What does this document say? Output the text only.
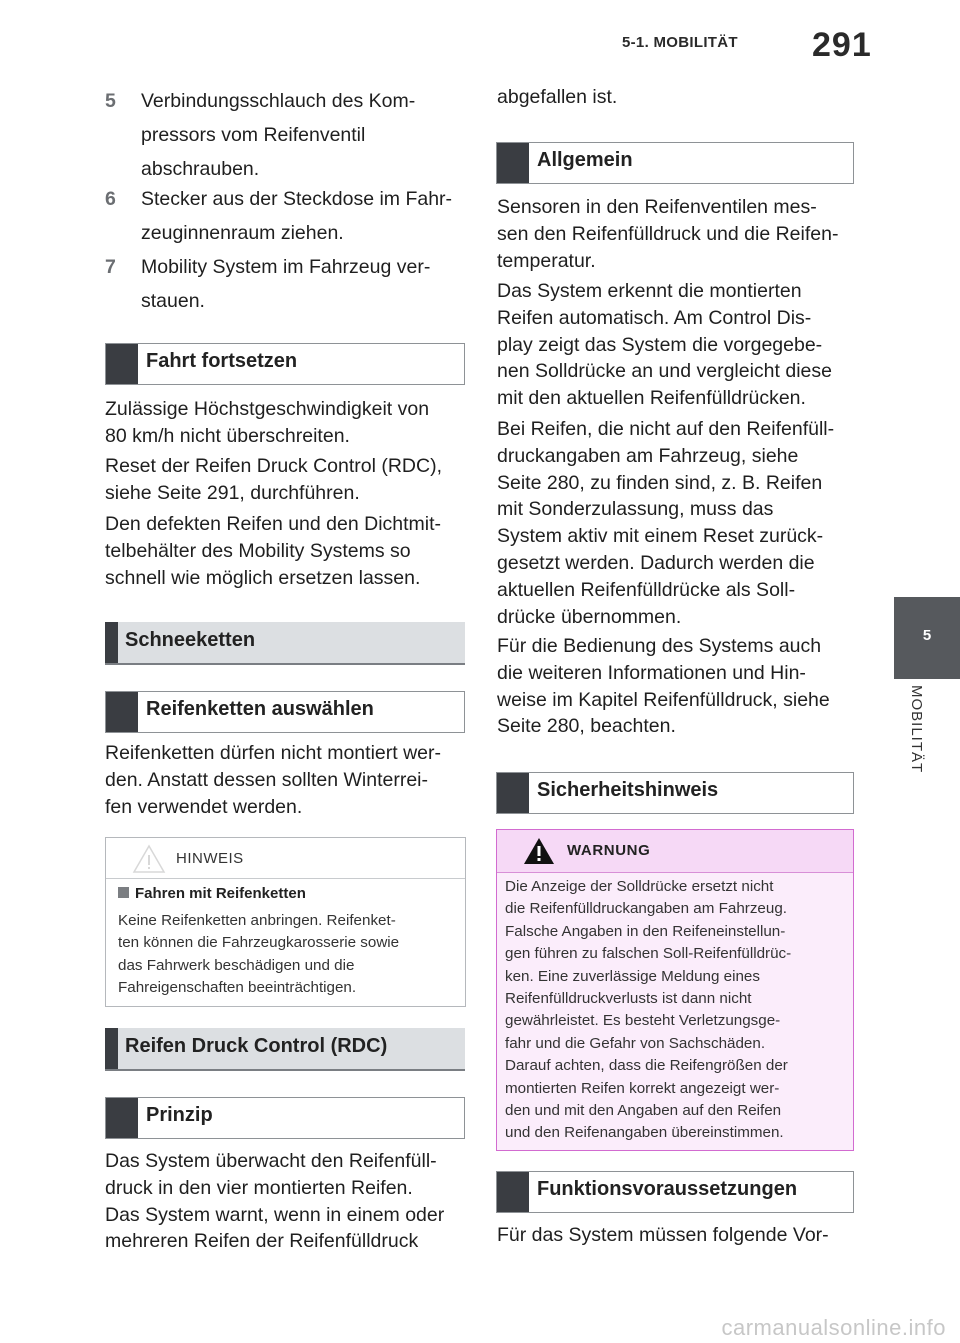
5-1. MOBILITÄT 291
5
MOBILITÄT
5 Verbindungsschlauch des Kom-
pressors vom Reifenventil
abschrauben.
6 Stecker aus der Steckdose im Fahr-
zeuginnenraum ziehen.
7 Mobility System im Fahrzeug ver-
stauen.
Fahrt fortsetzen
Zulässige Höchstgeschwindigkeit von
80 km/h nicht überschreiten.
Reset der Reifen Druck Control (RDC),
siehe Seite 291, durchführen.
Den defekten Reifen und den Dichtmit-
telbehälter des Mobility Systems so
schnell wie möglich ersetzen lassen.
Schneeketten
Reifenketten auswählen
Reifenketten dürfen nicht montiert wer-
den. Anstatt dessen sollten Winterrei-
fen verwendet werden.
HINWEIS
Fahren mit Reifenketten
Keine Reifenketten anbringen. Reifenket-
ten können die Fahrzeugkarosserie sowie
das Fahrwerk beschädigen und die
Fahreigenschaften beeinträchtigen.
Reifen Druck Control (RDC)
Prinzip
Das System überwacht den Reifenfüll-
druck in den vier montierten Reifen.
Das System warnt, wenn in einem oder
mehreren Reifen der Reifenfülldruck
abgefallen ist.
Allgemein
Sensoren in den Reifenventilen mes-
sen den Reifenfülldruck und die Reifen-
temperatur.
Das System erkennt die montierten
Reifen automatisch. Am Control Dis-
play zeigt das System die vorgegebe-
nen Solldrücke an und vergleicht diese
mit den aktuellen Reifenfülldrücken.
Bei Reifen, die nicht auf den Reifenfüll-
druckangaben am Fahrzeug, siehe
Seite 280, zu finden sind, z. B. Reifen
mit Sonderzulassung, muss das
System aktiv mit einem Reset zurück-
gesetzt werden. Dadurch werden die
aktuellen Reifenfülldrücke als Soll-
drücke übernommen.
Für die Bedienung des Systems auch
die weiteren Informationen und Hin-
weise im Kapitel Reifenfülldruck, siehe
Seite 280, beachten.
Sicherheitshinweis
WARNUNG
Die Anzeige der Solldrücke ersetzt nicht
die Reifenfülldruckangaben am Fahrzeug.
Falsche Angaben in den Reifeneinstellun-
gen führen zu falschen Soll-Reifenfülldrüc-
ken. Eine zuverlässige Meldung eines
Reifenfülldruckverlusts ist dann nicht
gewährleistet. Es besteht Verletzungsge-
fahr und die Gefahr von Sachschäden.
Darauf achten, dass die Reifengrößen der
montierten Reifen korrekt angezeigt wer-
den und mit den Angaben auf den Reifen
und den Reifenangaben übereinstimmen.
Funktionsvoraussetzungen
Für das System müssen folgende Vor-
carmanualsonline.info
